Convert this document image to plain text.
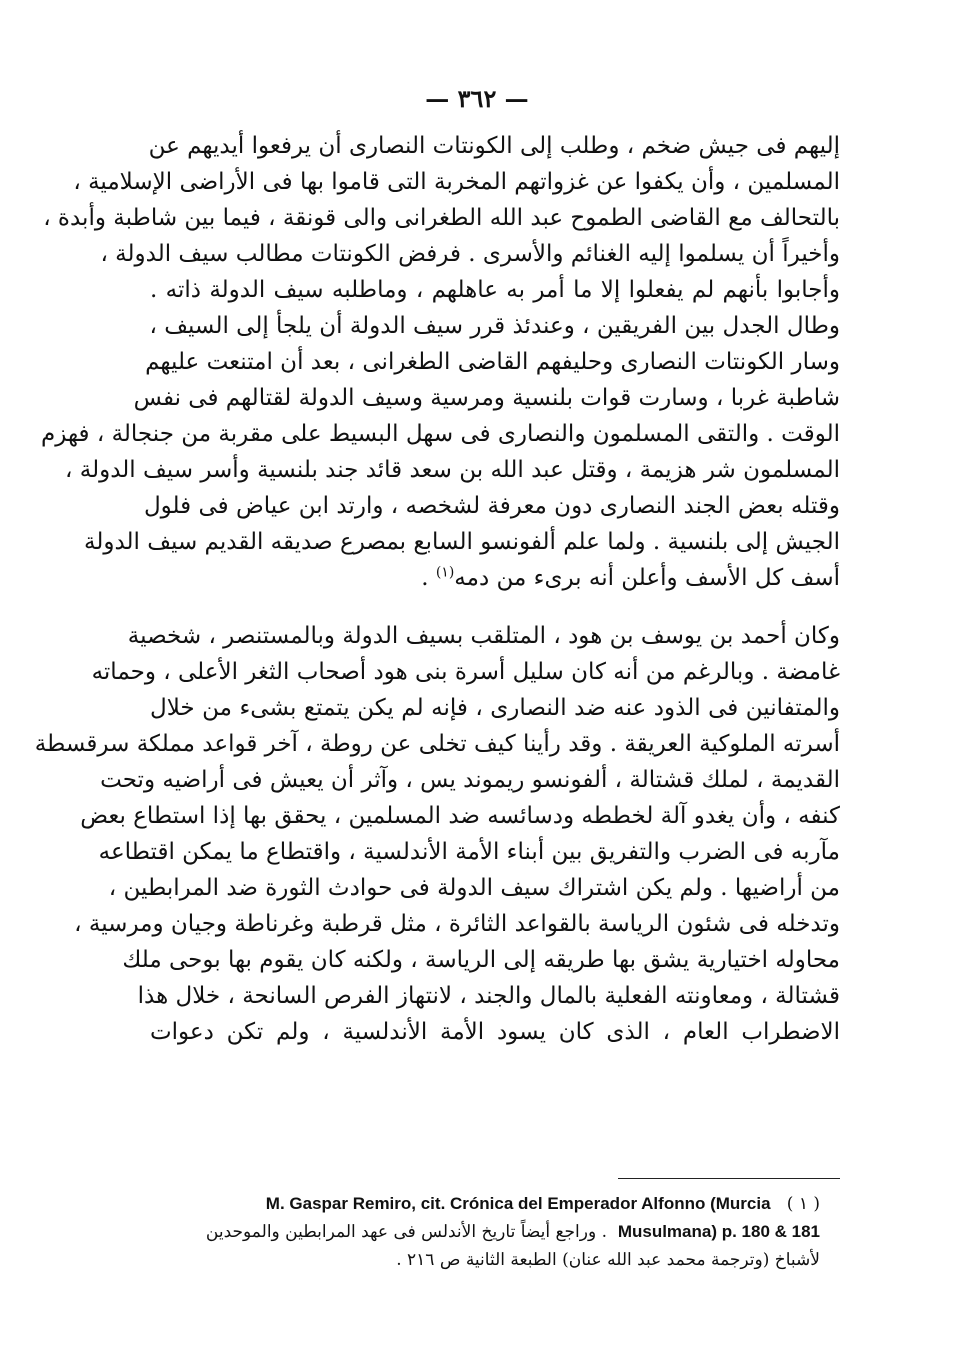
— ٣٦٢ —
إليهم فى جيش ضخم ، وطلب إلى الكونتات النصارى أن يرفعوا أيديهم عن
المسلمين ، وأن يكفوا عن غزواتهم المخربة التى قاموا بها فى الأراضى الإسلامية ،
بالتحالف مع القاضى الطموح عبد الله الطغرانى والى قونقة ، فيما بين شاطبة وأبدة ،
وأخيراً أن يسلموا إليه الغنائم والأسرى . فرفض الكونتات مطالب سيف الدولة ،
وأجابوا بأنهم لم يفعلوا إلا ما أمر به عاهلهم ، وماطلبه سيف الدولة ذاته .
وطال الجدل بين الفريقين ، وعندئذ قرر سيف الدولة أن يلجأ إلى السيف ،
وسار الكونتات النصارى وحليفهم القاضى الطغرانى ، بعد أن امتنعت عليهم
شاطبة غربا ، وسارت قوات بلنسية ومرسية وسيف الدولة لقتالهم فى نفس
الوقت . والتقى المسلمون والنصارى فى سهل البسيط على مقربة من جنجالة ، فهزم
المسلمون شر هزيمة ، وقتل عبد الله بن سعد قائد جند بلنسية وأسر سيف الدولة ،
وقتله بعض الجند النصارى دون معرفة لشخصه ، وارتد ابن عياض فى فلول
الجيش إلى بلنسية . ولما علم ألفونسو السابع بمصرع صديقه القديم سيف الدولة
أسف كل الأسف وأعلن أنه برىء من دمه$^{(١)}$ .
وكان أحمد بن يوسف بن هود ، المتلقب بسيف الدولة وبالمستنصر ، شخصية
غامضة . وبالرغم من أنه كان سليل أسرة بنى هود أصحاب الثغر الأعلى ، وحماته
والمتفانين فى الذود عنه ضد النصارى ، فإنه لم يكن يتمتع بشىء من خلال
أسرته الملوكية العريقة . وقد رأينا كيف تخلى عن روطة ، آخر قواعد مملكة سرقسطة
القديمة ، لملك قشتالة ، ألفونسو ريموند يس ، وآثر أن يعيش فى أراضيه وتحت
كنفه ، وأن يغدو آلة لخططه ودسائسه ضد المسلمين ، يحقق بها إذا استطاع بعض
مآربه فى الضرب والتفريق بين أبناء الأمة الأندلسية ، واقتطاع ما يمكن اقتطاعه
من أراضيها . ولم يكن اشتراك سيف الدولة فى حوادث الثورة ضد المرابطين ،
وتدخله فى شئون الرياسة بالقواعد الثائرة ، مثل قرطبة وغرناطة وجيان ومرسية ،
محاوله اختيارية يشق بها طريقه إلى الرياسة ، ولكنه كان يقوم بها بوحى ملك
قشتالة ، ومعاونته الفعلية بالمال والجند ، لانتهاز الفرص السانحة ، خلال هذا
الاضطراب العام ، الذى كان يسود الأمة الأندلسية ، ولم تكن دعوات
M. Gaspar Remiro, cit. Crónica del Emperador Alfonno (Murcia ( ١ )
Musulmana) p. 180 & 181  . وراجع أيضاً تاريخ الأندلس فى عهد المرابطين والموحدين
لأشباخ (وترجمة محمد عبد الله عنان) الطبعة الثانية ص ٢١٦ .
